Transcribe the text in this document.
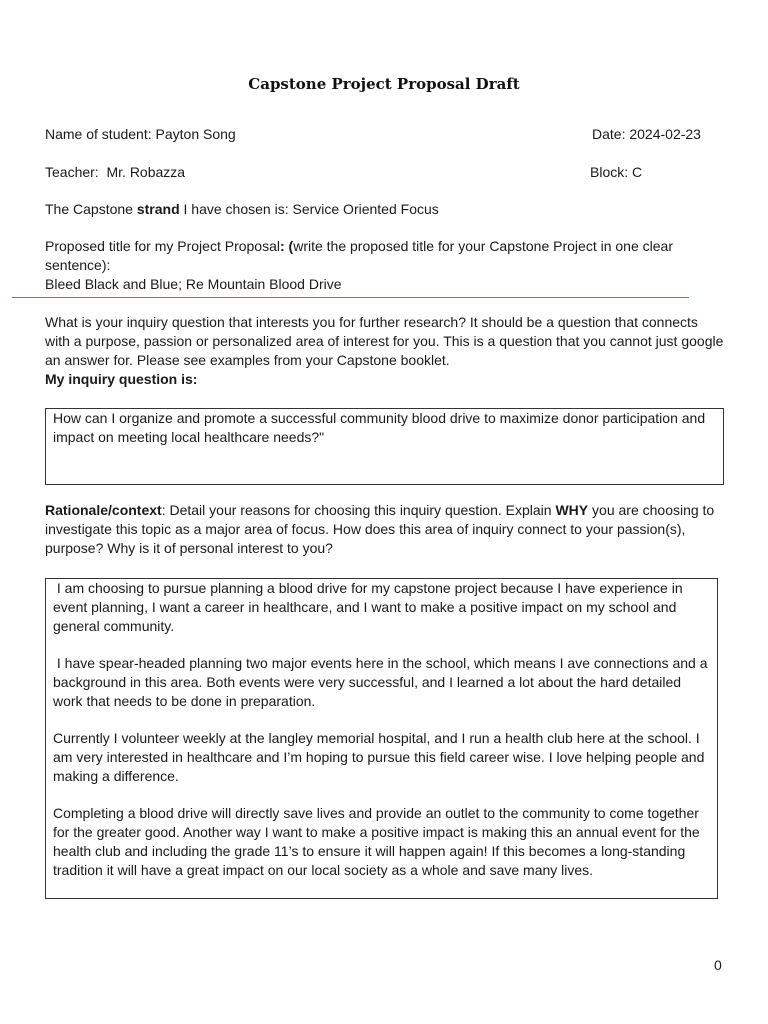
Capstone Project Proposal Draft
Name of student: Payton Song	Date: 2024-02-23
Teacher:  Mr. Robazza	Block: C
The Capstone strand I have chosen is: Service Oriented Focus
Proposed title for my Project Proposal: (write the proposed title for your Capstone Project in one clear sentence):
Bleed Black and Blue; Re Mountain Blood Drive
What is your inquiry question that interests you for further research? It should be a question that connects with a purpose, passion or personalized area of interest for you. This is a question that you cannot just google an answer for. Please see examples from your Capstone booklet.
My inquiry question is:

How can I organize and promote a successful community blood drive to maximize donor participation and impact on meeting local healthcare needs?"

Rationale/context: Detail your reasons for choosing this inquiry question. Explain WHY you are choosing to investigate this topic as a major area of focus. How does this area of inquiry connect to your passion(s), purpose? Why is it of personal interest to you?

I am choosing to pursue planning a blood drive for my capstone project because I have experience in event planning, I want a career in healthcare, and I want to make a positive impact on my school and general community.

I have spear-headed planning two major events here in the school, which means I ave connections and a background in this area. Both events were very successful, and I learned a lot about the hard detailed work that needs to be done in preparation.

Currently I volunteer weekly at the langley memorial hospital, and I run a health club here at the school. I am very interested in healthcare and I’m hoping to pursue this field career wise. I love helping people and making a difference.

Completing a blood drive will directly save lives and provide an outlet to the community to come together for the greater good. Another way I want to make a positive impact is making this an annual event for the health club and including the grade 11’s to ensure it will happen again! If this becomes a long-standing tradition it will have a great impact on our local society as a whole and save many lives.

0
